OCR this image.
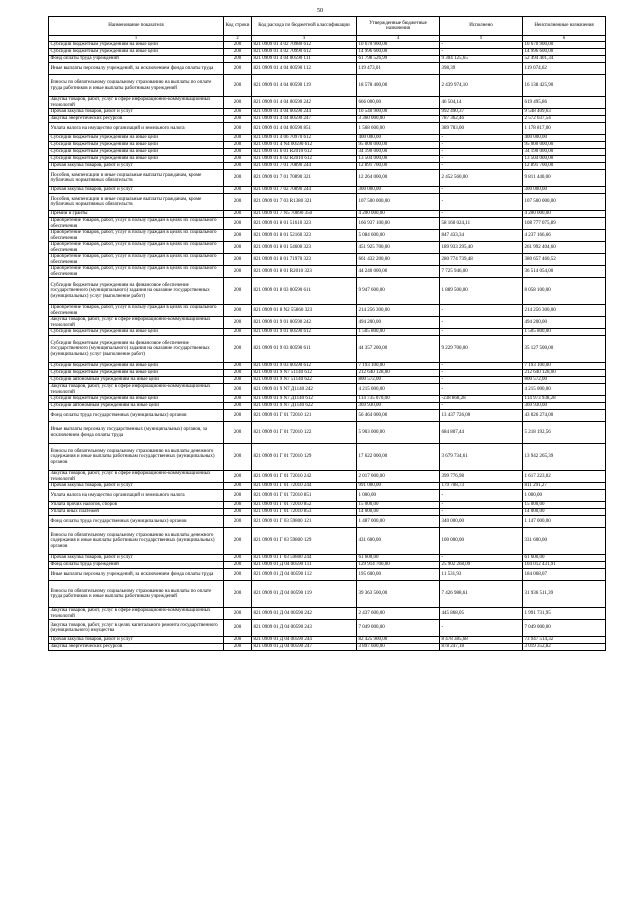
50
Наименование показателя	Код строки	Код расхода по бюджетной классификации	Утвержденные бюджетные назначения	Исполнено	Неисполненные назначения
1	2	3	4	5	6
Субсидии бюджетным учреждениям на иные цели	200	821 0909 01 4 02 70980 612	10 670 900,00	-	10 670 900,00
Субсидии бюджетным учреждениям на иные цели	200	821 0909 01 4 02 70990 612	14 996 600,00	-	14 996 600,00
Фонд оплаты труда учреждений	200	821 0909 01 4 04 00590 111	61 798 526,99	9 304 125,65	52 494 401,34
Иные выплаты персоналу учреждений, за исключением фонда оплаты труда	200	821 0909 01 4 04 00590 112	119 473,01	398,39	119 074,62
Взносы по обязательному социальному страхованию на выплаты по оплате труда работников и иные выплаты работникам учреждений	200	821 0909 01 4 04 00590 119	18 578 400,00	2 439 974,10	16 138 425,90
Закупка товаров, работ, услуг в сфере информационно-коммуникационных технологий	200	821 0909 01 4 04 00590 242	666 000,00	46 504,14	619 495,86
Прочая закупка товаров, работ и услуг	200	821 0909 01 4 04 00590 244	10 540 900,00	992 490,37	9 548 409,63
Закупка энергетических ресурсов	200	821 0909 01 4 04 00590 247	3 360 000,00	787 362,46	2 572 637,54
Уплата налога на имущество организаций и земельного налога	200	821 0909 01 4 04 00590 851	1 568 600,00	389 783,00	1 178 817,00
Субсидии бюджетным учреждениям на иные цели	200	821 0909 01 4 06 70970 612	400 000,00	-	400 000,00
Субсидии бюджетным учреждениям на иные цели	200	821 0909 01 4 N4 00590 612	95 000 000,00	-	95 000 000,00
Субсидии бюджетным учреждениям на иные цели	200	821 0909 01 6 01 R2010 612	34 190 000,00	-	34 190 000,00
Субсидии бюджетным учреждениям на иные цели	200	821 0909 01 6 02 R2010 612	13 504 000,00	-	13 504 000,00
Прочая закупка товаров, работ и услуг	200	821 0909 01 7 01 70890 244	12 891 700,00	-	12 891 700,00
Пособия, компенсации и иные социальные выплаты гражданам, кроме публичных нормативных обязательств	200	821 0909 01 7 01 70890 321	12 264 000,00	2 452 560,00	9 811 440,00
Прочая закупка товаров, работ и услуг	200	821 0909 01 7 02 70890 244	300 000,00	-	300 000,00
Пособия, компенсации и иные социальные выплаты гражданам, кроме публичных нормативных обязательств	200	821 0909 01 7 03 R1380 321	107 500 000,00	-	107 500 000,00
Премии и гранты	200	821 0909 01 7 N5 70890 350	4 200 000,00	-	4 200 000,00
Приобретение товаров, работ, услуг в пользу граждан в целях их социального обеспечения	200	821 0909 01 8 01 51610 323	166 937 100,00	58 160 024,11	108 777 075,89
Приобретение товаров, работ, услуг в пользу граждан в целях их социального обеспечения	200	821 0909 01 8 01 52160 323	5 084 600,00	847 433,34	4 237 166,66
Приобретение товаров, работ, услуг в пользу граждан в целях их социального обеспечения	200	821 0909 01 8 01 54600 323	451 925 700,00	189 933 295,40	261 992 404,60
Приобретение товаров, работ, услуг в пользу граждан в целях их социального обеспечения	200	821 0909 01 8 01 71970 323	661 432 200,00	280 774 739,48	380 657 460,52
Приобретение товаров, работ, услуг в пользу граждан в целях их социального обеспечения	200	821 0909 01 8 01 R2010 323	44 240 000,00	7 725 946,00	36 514 054,00
Субсидии бюджетным учреждениям на финансовое обеспечение государственного (муниципального) задания на оказание государственных (муниципальных) услуг (выполнение работ)	200	821 0909 01 8 03 00590 611	9 947 600,00	1 889 500,00	8 058 100,00
Приобретение товаров, работ, услуг в пользу граждан в целях их социального обеспечения	200	821 0909 01 8 N2 55860 323	214 256 300,00	-	214 256 300,00
Закупка товаров, работ, услуг в сфере информационно-коммуникационных технологий	200	821 0909 01 9 01 00590 242	494 200,00	-	494 200,00
Субсидии бюджетным учреждениям на иные цели	200	821 0909 01 9 01 00590 612	1 505 800,00	-	1 505 800,00
Субсидии бюджетным учреждениям на финансовое обеспечение государственного (муниципального) задания на оказание государственных (муниципальных) услуг (выполнение работ)	200	821 0909 01 9 03 00590 611	44 357 200,00	9 229 700,00	35 127 500,00
Субсидии бюджетным учреждениям на иные цели	200	821 0909 01 9 03 00590 612	7 193 100,00	-	7 193 100,00
Субсидии бюджетным учреждениям на иные цели	200	821 0909 01 9 N7 51140 612	212 640 128,00	-	212 640 128,00
Субсидии автономным учреждениям на иные цели	200	821 0909 01 9 N7 51140 622	800 572,00	-	800 572,00
Закупка товаров, работ, услуг в сфере информационно-коммуникационных технологий	200	821 0909 01 9 N7 Д1140 242	4 215 000,00	-	4 215 000,00
Субсидии бюджетным учреждениям на иные цели	200	821 0909 01 9 N7 Д1140 612	114 735 070,00	-238 868,28	114 973 938,28
Субсидии автономным учреждениям на иные цели	200	821 0909 01 9 N7 Д1140 622	369 930,00	-	369 930,00
Фонд оплаты труда государственных (муниципальных) органов	200	821 0909 01 Г 01 72010 121	56 464 000,00	13 437 726,00	43 026 274,00
Иные выплаты персоналу государственных (муниципальных) органов, за исключением фонда оплаты труда	200	821 0909 01 Г 01 72010 122	5 903 000,00	684 807,44	5 218 192,56
Взносы по обязательному социальному страхованию на выплаты денежного содержания и иные выплаты работникам государственных (муниципальных) органов	200	821 0909 01 Г 01 72010 129	17 622 000,00	3 679 734,61	13 942 265,39
Закупка товаров, работ, услуг в сфере информационно-коммуникационных технологий	200	821 0909 01 Г 01 72010 242	2 017 000,00	399 776,98	1 617 223,02
Прочая закупка товаров, работ и услуг	200	821 0909 01 Г 01 72010 244	991 000,00	179 708,73	811 291,27
Уплата налога на имущество организаций и земельного налога	200	821 0909 01 Г 01 72010 851	1 000,00	-	1 000,00
Уплата прочих налогов, сборов	200	821 0909 01 Г 01 72010 852	15 000,00	-	15 000,00
Уплата иных платежей	200	821 0909 01 Г 01 72010 853	14 000,00	-	14 000,00
Фонд оплаты труда государственных (муниципальных) органов	200	821 0909 01 Г 03 59800 121	1 487 000,00	340 000,00	1 147 000,00
Взносы по обязательному социальному страхованию на выплаты денежного содержания и иные выплаты работникам государственных (муниципальных) органов	200	821 0909 01 Г 03 59800 129	431 600,00	100 000,00	331 600,00
Прочая закупка товаров, работ и услуг	200	821 0909 01 Г 03 59800 244	61 600,00	-	61 600,00
Фонд оплаты труда учреждений	200	821 0909 01 Д 04 00590 111	129 914 700,00	25 902 268,09	104 012 431,91
Иные выплаты персоналу учреждений, за исключением фонда оплаты труда	200	821 0909 01 Д 04 00590 112	195 600,00	11 531,93	184 068,07
Взносы по обязательному социальному страхованию на выплаты по оплате труда работников и иные выплаты работникам учреждений	200	821 0909 01 Д 04 00590 119	39 363 500,00	7 426 988,61	31 936 511,39
Закупка товаров, работ, услуг в сфере информационно-коммуникационных технологий	200	821 0909 01 Д 04 00590 242	2 437 600,00	445 868,05	1 991 731,95
Закупка товаров, работ, услуг в целях капитального ремонта государственного (муниципального) имущества	200	821 0909 01 Д 04 00590 243	7 049 000,00	-	7 049 000,00
Прочая закупка товаров, работ и услуг	200	821 0909 01 Д 04 00590 244	82 425 900,00	8 478 385,68	73 947 514,32
Закупка энергетических ресурсов	200	821 0909 01 Д 04 00590 247	3 897 600,00	878 247,18	3 019 352,82
